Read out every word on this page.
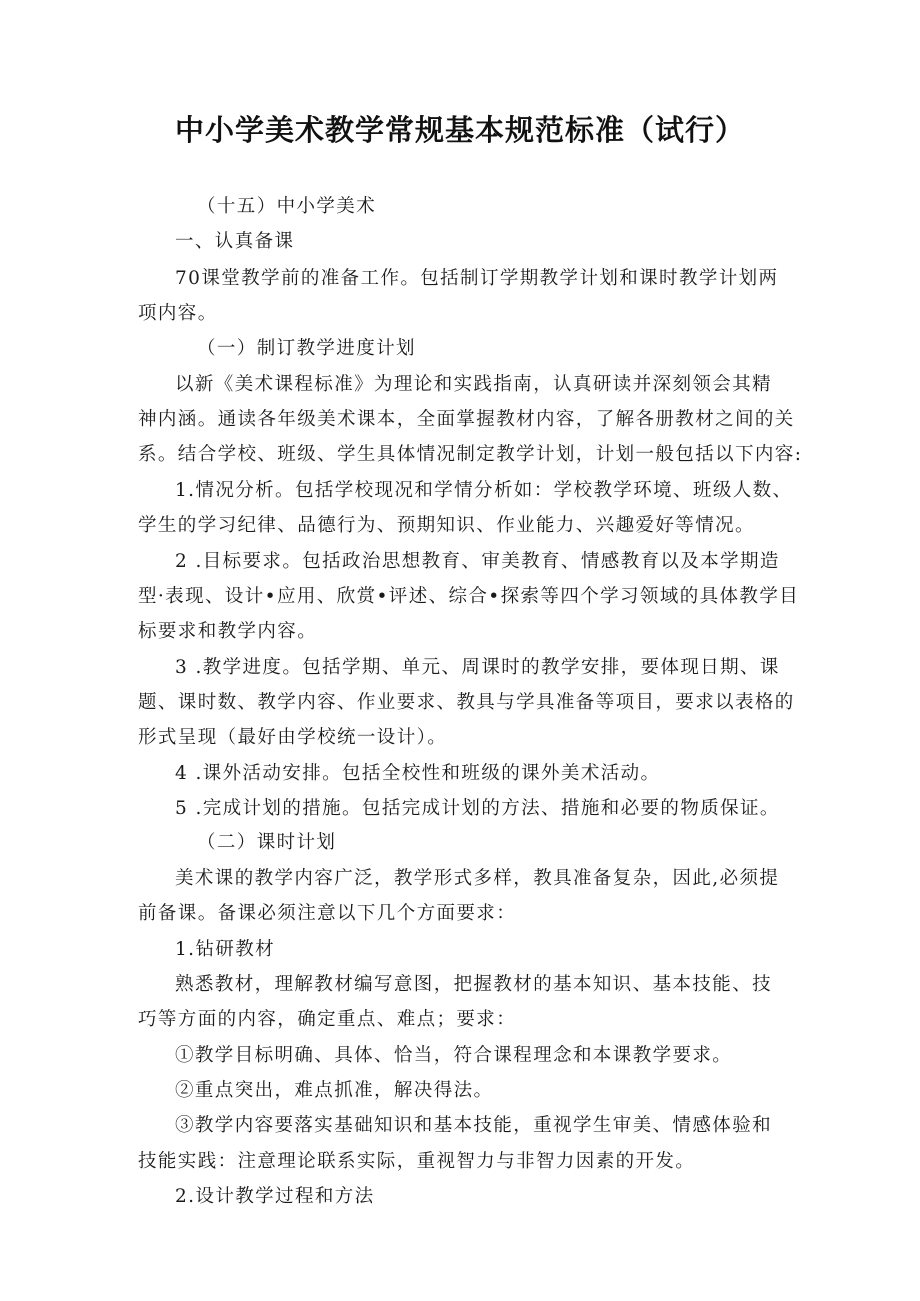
中小学美术教学常规基本规范标准（试行）
（十五）中小学美术
一、认真备课
70课堂教学前的准备工作。包括制订学期教学计划和课时教学计划两
项内容。
（一）制订教学进度计划
以新《美术课程标准》为理论和实践指南，认真研读并深刻领会其精
神内涵。通读各年级美术课本，全面掌握教材内容，了解各册教材之间的关
系。结合学校、班级、学生具体情况制定教学计划，计划一般包括以下内容:
1.情况分析。包括学校现况和学情分析如：学校教学环境、班级人数、
学生的学习纪律、品德行为、预期知识、作业能力、兴趣爱好等情况。
2 .目标要求。包括政治思想教育、审美教育、情感教育以及本学期造
型·表现、设计•应用、欣赏•评述、综合•探索等四个学习领域的具体教学目
标要求和教学内容。
3 .教学进度。包括学期、单元、周课时的教学安排，要体现日期、课
题、课时数、教学内容、作业要求、教具与学具准备等项目，要求以表格的
形式呈现（最好由学校统一设计）。
4 .课外活动安排。包括全校性和班级的课外美术活动。
5 .完成计划的措施。包括完成计划的方法、措施和必要的物质保证。
（二）课时计划
美术课的教学内容广泛，教学形式多样，教具准备复杂，因此,必须提
前备课。备课必须注意以下几个方面要求：
1.钻研教材
熟悉教材，理解教材编写意图，把握教材的基本知识、基本技能、技
巧等方面的内容，确定重点、难点；要求：
①教学目标明确、具体、恰当，符合课程理念和本课教学要求。
②重点突出，难点抓准，解决得法。
③教学内容要落实基础知识和基本技能，重视学生审美、情感体验和
技能实践：注意理论联系实际，重视智力与非智力因素的开发。
2.设计教学过程和方法
